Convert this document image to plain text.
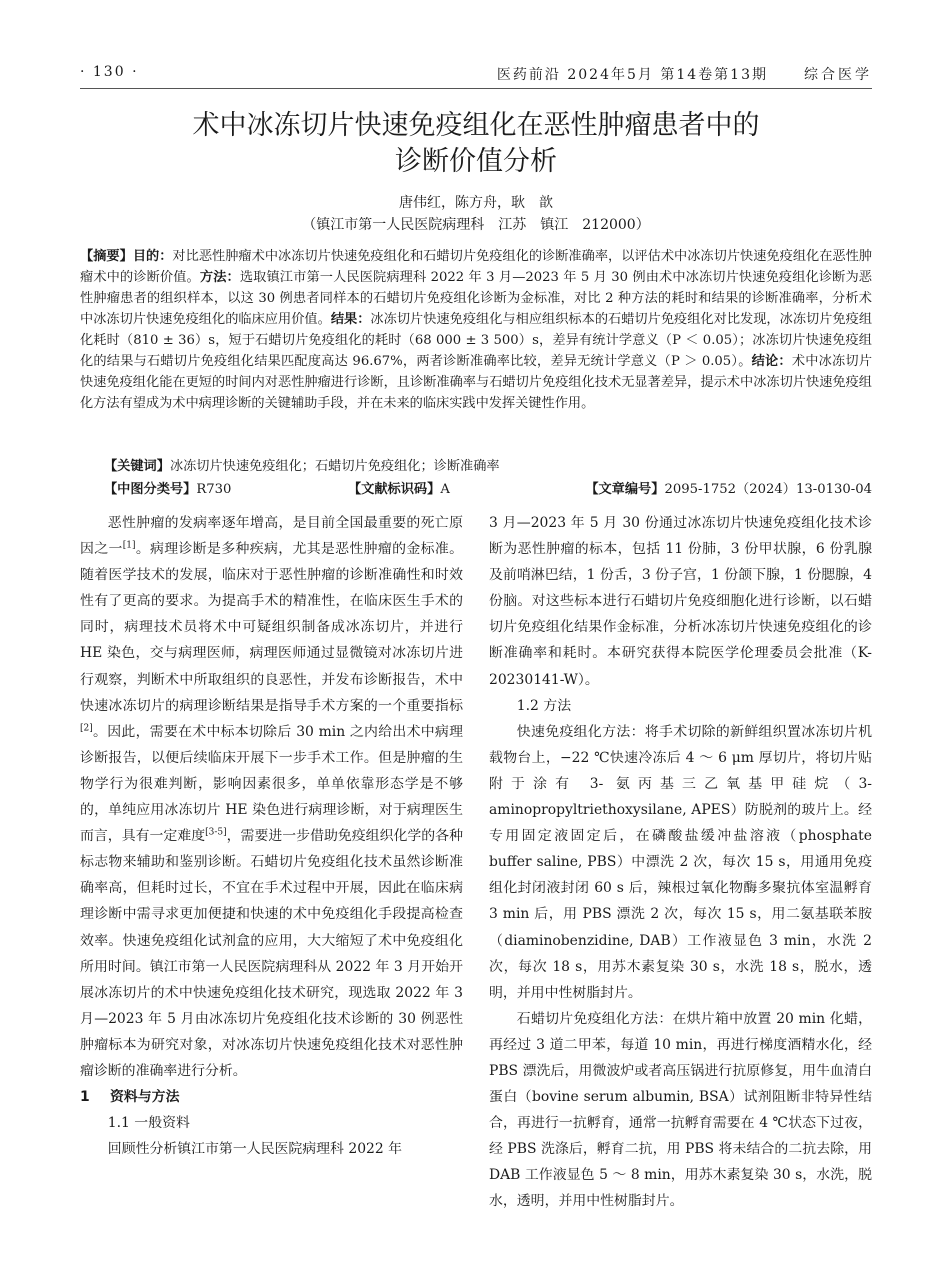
· 130 ·	医药前沿 2024年5月 第14卷第13期	综合医学
术中冰冻切片快速免疫组化在恶性肿瘤患者中的
诊断价值分析
唐伟红，陈方舟，耿　歆
（镇江市第一人民医院病理科　江苏　镇江　212000）
【摘要】目的：对比恶性肿瘤术中冰冻切片快速免疫组化和石蜡切片免疫组化的诊断准确率，以评估术中冰冻切片快速免疫组化在恶性肿瘤术中的诊断价值。方法：选取镇江市第一人民医院病理科 2022 年 3 月—2023 年 5 月 30 例由术中冰冻切片快速免疫组化诊断为恶性肿瘤患者的组织样本，以这 30 例患者同样本的石蜡切片免疫组化诊断为金标准，对比 2 种方法的耗时和结果的诊断准确率，分析术中冰冻切片快速免疫组化的临床应用价值。结果：冰冻切片快速免疫组化与相应组织标本的石蜡切片免疫组化对比发现，冰冻切片免疫组化耗时（810 ± 36）s，短于石蜡切片免疫组化的耗时（68 000 ± 3 500）s，差异有统计学意义（P ＜ 0.05）；冰冻切片快速免疫组化的结果与石蜡切片免疫组化结果匹配度高达 96.67%，两者诊断准确率比较，差异无统计学意义（P ＞ 0.05）。结论：术中冰冻切片快速免疫组化能在更短的时间内对恶性肿瘤进行诊断，且诊断准确率与石蜡切片免疫组化技术无显著差异，提示术中冰冻切片快速免疫组化方法有望成为术中病理诊断的关键辅助手段，并在未来的临床实践中发挥关键性作用。
【关键词】冰冻切片快速免疫组化；石蜡切片免疫组化；诊断准确率
【中图分类号】R730	【文献标识码】A	【文章编号】2095-1752（2024）13-0130-04

恶性肿瘤的发病率逐年增高，是目前全国最重要的死亡原因之一[1]。病理诊断是多种疾病，尤其是恶性肿瘤的金标准。随着医学技术的发展，临床对于恶性肿瘤的诊断准确性和时效性有了更高的要求。为提高手术的精准性，在临床医生手术的同时，病理技术员将术中可疑组织制备成冰冻切片，并进行 HE 染色，交与病理医师，病理医师通过显微镜对冰冻切片进行观察，判断术中所取组织的良恶性，并发布诊断报告，术中快速冰冻切片的病理诊断结果是指导手术方案的一个重要指标[2]。因此，需要在术中标本切除后 30 min 之内给出术中病理诊断报告，以便后续临床开展下一步手术工作。但是肿瘤的生物学行为很难判断，影响因素很多，单单依靠形态学是不够的，单纯应用冰冻切片 HE 染色进行病理诊断，对于病理医生而言，具有一定难度[3-5]，需要进一步借助免疫组织化学的各种标志物来辅助和鉴别诊断。石蜡切片免疫组化技术虽然诊断准确率高，但耗时过长，不宜在手术过程中开展，因此在临床病理诊断中需寻求更加便捷和快速的术中免疫组化手段提高检查效率。快速免疫组化试剂盒的应用，大大缩短了术中免疫组化所用时间。镇江市第一人民医院病理科从 2022 年 3 月开始开展冰冻切片的术中快速免疫组化技术研究，现选取 2022 年 3 月—2023 年 5 月由冰冻切片免疫组化技术诊断的 30 例恶性肿瘤标本为研究对象，对冰冻切片快速免疫组化技术对恶性肿瘤诊断的准确率进行分析。

1 资料与方法
1.1 一般资料

回顾性分析镇江市第一人民医院病理科 2022 年

3 月—2023 年 5 月 30 份通过冰冻切片快速免疫组化技术诊断为恶性肿瘤的标本，包括 11 份肺，3 份甲状腺，6 份乳腺及前哨淋巴结，1 份舌，3 份子宫，1 份颌下腺，1 份腮腺，4 份脑。对这些标本进行石蜡切片免疫细胞化进行诊断，以石蜡切片免疫组化结果作金标准，分析冰冻切片快速免疫组化的诊断准确率和耗时。本研究获得本院医学伦理委员会批准（K-20230141-W）。

1.2 方法

快速免疫组化方法：将手术切除的新鲜组织置冰冻切片机载物台上，−22 ℃快速冷冻后 4 ～ 6 μm 厚切片，将切片贴附于涂有 3- 氨丙基三乙氧基甲硅烷（3-aminopropyltriethoxysilane, APES）防脱剂的玻片上。经专用固定液固定后，在磷酸盐缓冲盐溶液（phosphate buffer saline, PBS）中漂洗 2 次，每次 15 s，用通用免疫组化封闭液封闭 60 s 后，辣根过氧化物酶多聚抗体室温孵育 3 min 后，用 PBS 漂洗 2 次，每次 15 s，用二氨基联苯胺（diaminobenzidine, DAB）工作液显色 3 min，水洗 2 次，每次 18 s，用苏木素复染 30 s，水洗 18 s，脱水，透明，并用中性树脂封片。

石蜡切片免疫组化方法：在烘片箱中放置 20 min 化蜡，再经过 3 道二甲苯，每道 10 min，再进行梯度酒精水化，经 PBS 漂洗后，用微波炉或者高压锅进行抗原修复，用牛血清白蛋白（bovine serum albumin, BSA）试剂阻断非特异性结合，再进行一抗孵育，通常一抗孵育需要在 4 ℃状态下过夜，经 PBS 洗涤后，孵育二抗，用 PBS 将未结合的二抗去除，用 DAB 工作液显色 5 ～ 8 min，用苏木素复染 30 s，水洗，脱水，透明，并用中性树脂封片。
